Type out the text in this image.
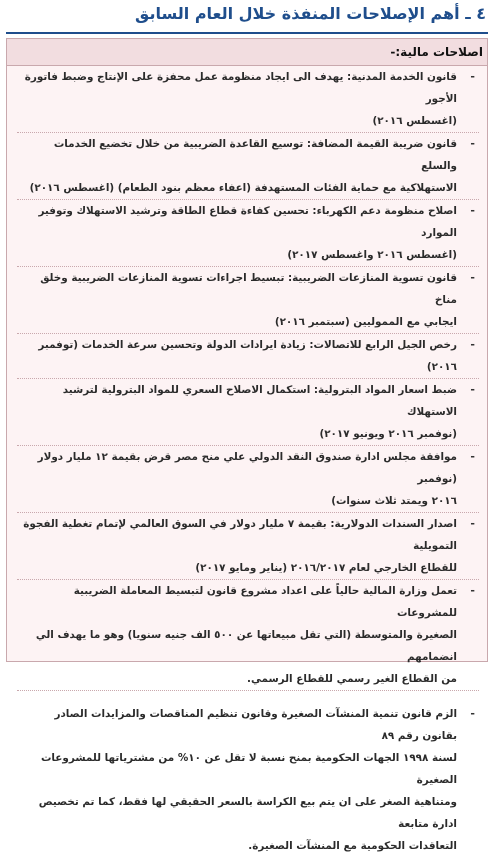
٤ ـ أهم الإصلاحات المنفذة خلال العام السابق
اصلاحات مالية:-
-
قانون الخدمة المدنية: يهدف الى ايجاد منظومة عمل محفزة على الإنتاج وضبط فاتورة الأجور
(اغسطس ٢٠١٦)
-
قانون ضريبة القيمة المضافة: توسيع القاعدة الضريبية من خلال تخضيع الخدمات والسلع
الاستهلاكية مع حماية الفئات المستهدفة (اعفاء معظم بنود الطعام) (اغسطس ٢٠١٦)
-
اصلاح منظومة دعم الكهرباء: تحسين كفاءة قطاع الطاقة وترشيد الاستهلاك وتوفير الموارد
(اغسطس ٢٠١٦ واغسطس ٢٠١٧)
-
قانون تسوية المنازعات الضريبية: تبسيط اجراءات تسوية المنازعات الضريبية وخلق مناخ
ايجابي مع المموليين (سبتمبر ٢٠١٦)
-
رخص الجيل الرابع للاتصالات: زيادة ايرادات الدولة وتحسين سرعة الخدمات (توفمبر ٢٠١٦)
-
ضبط اسعار المواد البترولية: استكمال الاصلاح السعري للمواد البترولية لترشيد الاستهلاك
(نوفمبر ٢٠١٦ ويونيو ٢٠١٧)
-
موافقة مجلس ادارة صندوق النقد الدولي علي منح مصر قرض بقيمة ١٢ مليار دولار (نوفمبر
٢٠١٦ ويمتد ثلاث سنوات)
-
اصدار السندات الدولارية: بقيمة ٧ مليار دولار في السوق العالمي لإتمام تغطية الفجوة التمويلية
للقطاع الخارجي لعام ٢٠١٦/٢٠١٧ (يناير ومايو ٢٠١٧)
-
تعمل وزارة المالية حالياً على اعداد مشروع قانون لتبسيط المعاملة الضريبية للمشروعات
الصغيرة والمتوسطة (التي تقل مبيعاتها عن ٥٠٠ الف جنيه سنويا) وهو ما يهدف الي انضمامهم
من القطاع الغير رسمي للقطاع الرسمي.
-
الزم قانون تنمية المنشآت الصغيرة وقانون تنظيم المناقصات والمزايدات الصادر بقانون رقم ٨٩
لسنة ١٩٩٨ الجهات الحكومية بمنح نسبة لا تقل عن ١٠% من مشترياتها للمشروعات الصغيرة
ومتناهية الصغر على ان يتم بيع الكراسة بالسعر الحقيقي لها فقط، كما تم تخصيص ادارة متابعة
التعاقدات الحكومية مع المنشآت الصغيرة.
